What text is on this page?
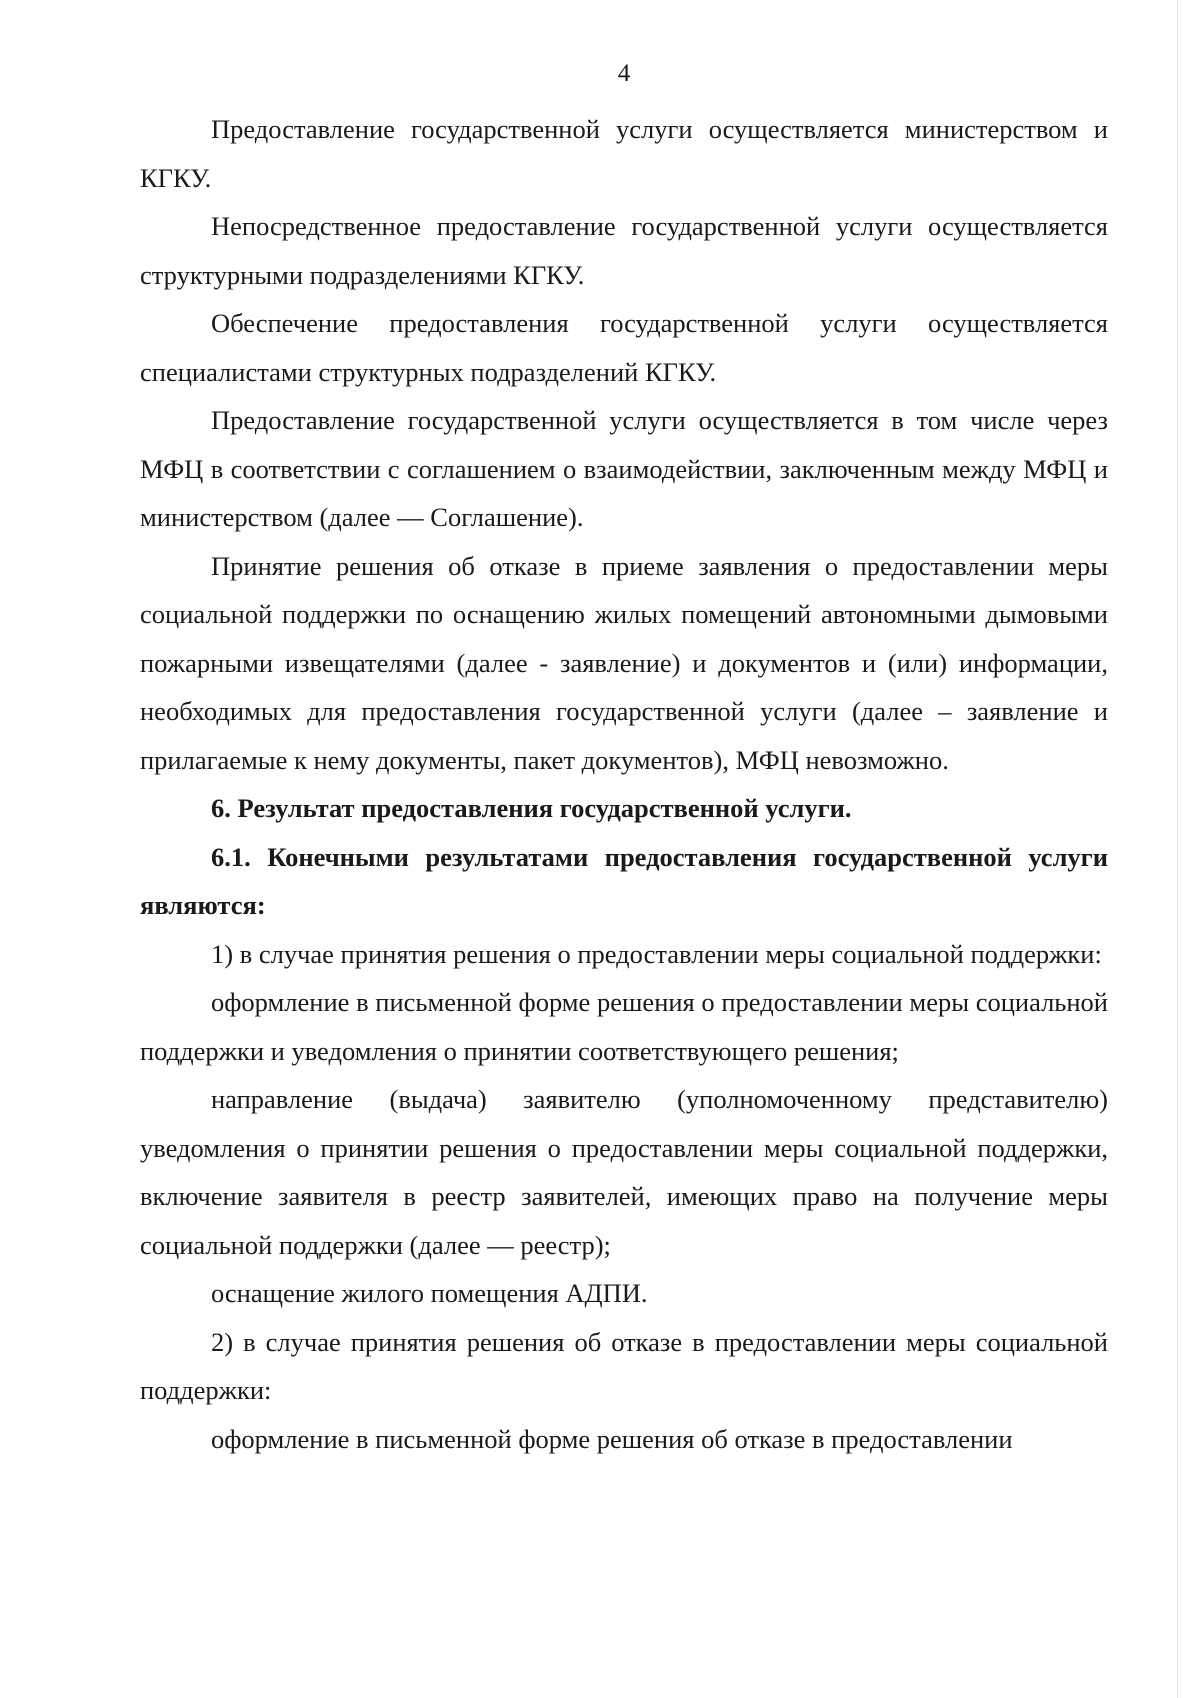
4

Предоставление государственной услуги осуществляется министерством и КГКУ.

Непосредственное предоставление государственной услуги осуществляется структурными подразделениями КГКУ.

Обеспечение предоставления государственной услуги осуществляется специалистами структурных подразделений КГКУ.

Предоставление государственной услуги осуществляется в том числе через МФЦ в соответствии с соглашением о взаимодействии, заключенным между МФЦ и министерством (далее — Соглашение).

Принятие решения об отказе в приеме заявления о предоставлении меры социальной поддержки по оснащению жилых помещений автономными дымовыми пожарными извещателями (далее - заявление) и документов и (или) информации, необходимых для предоставления государственной услуги (далее – заявление и прилагаемые к нему документы, пакет документов), МФЦ невозможно.

6. Результат предоставления государственной услуги.

6.1. Конечными результатами предоставления государственной услуги являются:

1) в случае принятия решения о предоставлении меры социальной поддержки:

оформление в письменной форме решения о предоставлении меры социальной поддержки и уведомления о принятии соответствующего решения;

направление (выдача) заявителю (уполномоченному представителю) уведомления о принятии решения о предоставлении меры социальной поддержки, включение заявителя в реестр заявителей, имеющих право на получение меры социальной поддержки (далее — реестр);

оснащение жилого помещения АДПИ.

2) в случае принятия решения об отказе в предоставлении меры социальной поддержки:

оформление в письменной форме решения об отказе в предоставлении
